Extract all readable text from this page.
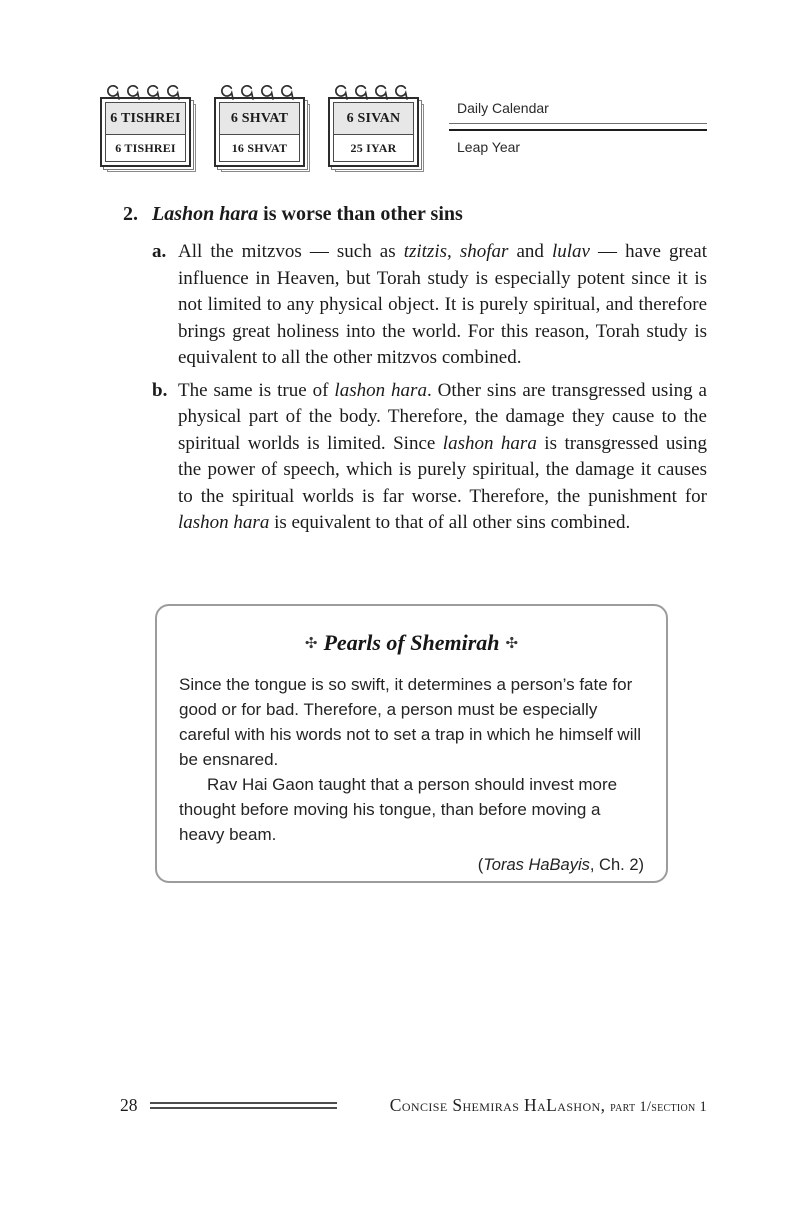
6 TISHREI
6 TISHREI
6 SHVAT
16 SHVAT
6 SIVAN
25 IYAR
Daily Calendar
Leap Year
2. Lashon hara is worse than other sins
a. All the mitzvos — such as tzitzis, shofar and lulav — have great influence in Heaven, but Torah study is especially potent since it is not limited to any physical object. It is purely spiritual, and therefore brings great holiness into the world. For this reason, Torah study is equivalent to all the other mitzvos combined.
b. The same is true of lashon hara. Other sins are transgressed using a physical part of the body. Therefore, the damage they cause to the spiritual worlds is limited. Since lashon hara is transgressed using the power of speech, which is purely spiritual, the damage it causes to the spiritual worlds is far worse. Therefore, the punishment for lashon hara is equivalent to that of all other sins combined.
✣ Pearls of Shemirah ✣

Since the tongue is so swift, it determines a person’s fate for good or for bad. Therefore, a person must be especially careful with his words not to set a trap in which he himself will be ensnared.

Rav Hai Gaon taught that a person should invest more thought before moving his tongue, than before moving a heavy beam.

(Toras HaBayis, Ch. 2)
28	Concise Shemiras HaLashon, part 1/section 1
